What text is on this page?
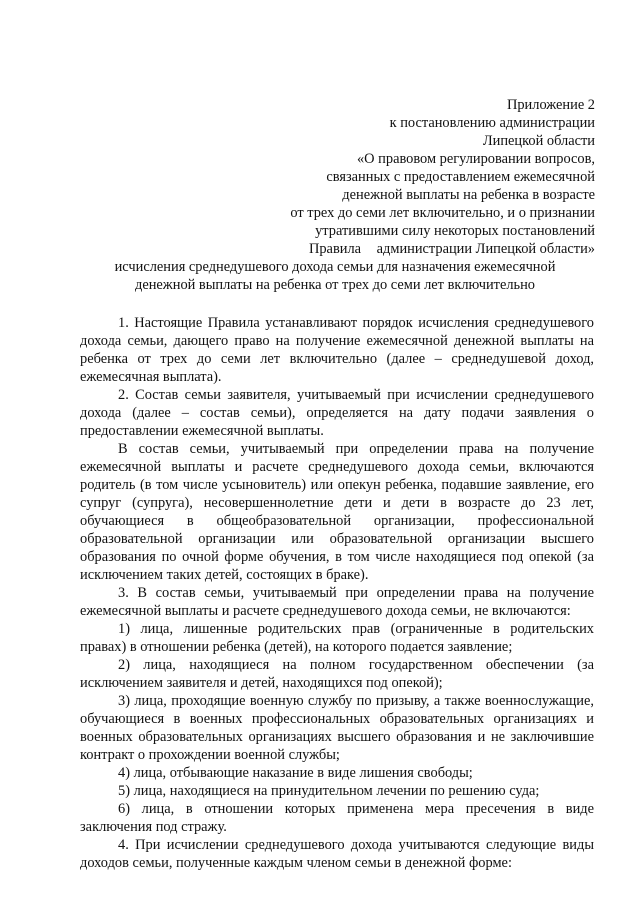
Приложение 2
к постановлению администрации
Липецкой области
«О правовом регулировании вопросов,
связанных с предоставлением ежемесячной
денежной выплаты на ребенка в возрасте
от трех до семи лет включительно, и о признании
утратившими силу некоторых постановлений
администрации Липецкой области»
Правила
исчисления среднедушевого дохода семьи для назначения ежемесячной
денежной выплаты на ребенка от трех до семи лет включительно

1. Настоящие Правила устанавливают порядок исчисления среднедушевого дохода семьи, дающего право на получение ежемесячной денежной выплаты на ребенка от трех до семи лет включительно (далее – среднедушевой доход, ежемесячная выплата).

2. Состав семьи заявителя, учитываемый при исчислении среднедушевого дохода (далее – состав семьи), определяется на дату подачи заявления о предоставлении ежемесячной выплаты.

В состав семьи, учитываемый при определении права на получение ежемесячной выплаты и расчете среднедушевого дохода семьи, включаются родитель (в том числе усыновитель) или опекун ребенка, подавшие заявление, его супруг (супруга), несовершеннолетние дети и дети в возрасте до 23 лет, обучающиеся в общеобразовательной организации, профессиональной образовательной организации или образовательной организации высшего образования по очной форме обучения, в том числе находящиеся под опекой (за исключением таких детей, состоящих в браке).

3. В состав семьи, учитываемый при определении права на получение ежемесячной выплаты и расчете среднедушевого дохода семьи, не включаются:

1) лица, лишенные родительских прав (ограниченные в родительских правах) в отношении ребенка (детей), на которого подается заявление;

2) лица, находящиеся на полном государственном обеспечении (за исключением заявителя и детей, находящихся под опекой);

3) лица, проходящие военную службу по призыву, а также военнослужащие, обучающиеся в военных профессиональных образовательных организациях и военных образовательных организациях высшего образования и не заключившие контракт о прохождении военной службы;

4) лица, отбывающие наказание в виде лишения свободы;

5) лица, находящиеся на принудительном лечении по решению суда;

6) лица, в отношении которых применена мера пресечения в виде заключения под стражу.

4. При исчислении среднедушевого дохода учитываются следующие виды доходов семьи, полученные каждым членом семьи в денежной форме:
